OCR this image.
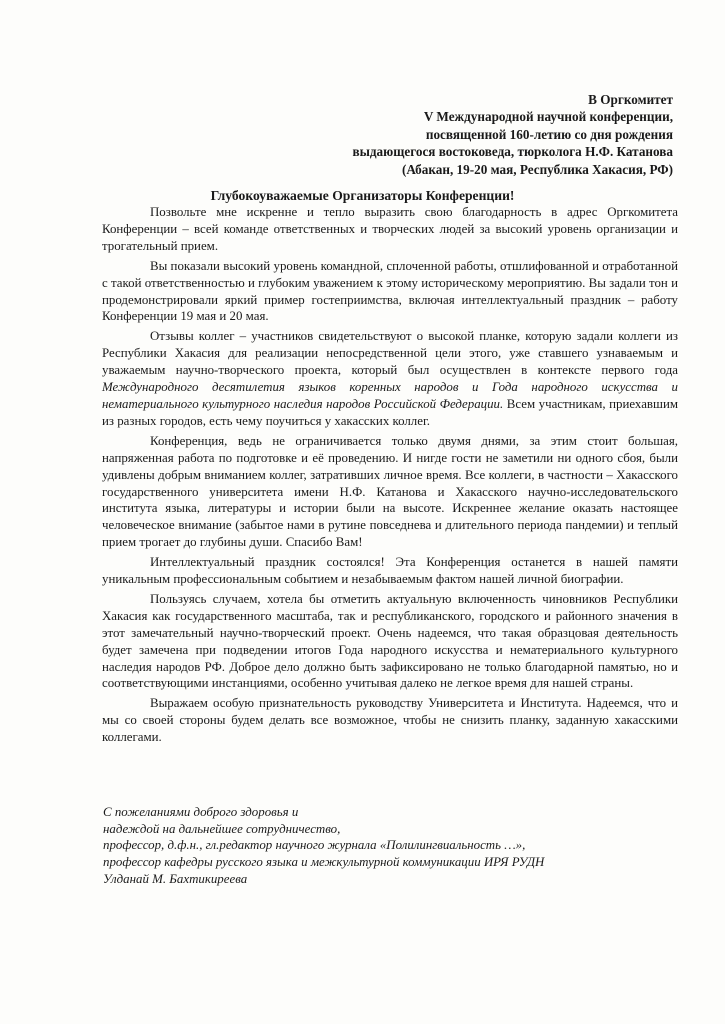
В Оргкомитет
V Международной научной конференции,
посвященной 160-летию со дня рождения
выдающегося востоковеда, тюрколога Н.Ф. Катанова
(Абакан, 19-20 мая, Республика Хакасия, РФ)
Глубокоуважаемые Организаторы Конференции!

Позвольте мне искренне и тепло выразить свою благодарность в адрес Оргкомитета Конференции – всей команде ответственных и творческих людей за высокий уровень организации и трогательный прием.

Вы показали высокий уровень командной, сплоченной работы, отшлифованной и отработанной с такой ответственностью и глубоким уважением к этому историческому мероприятию. Вы задали тон и продемонстрировали яркий пример гостеприимства, включая интеллектуальный праздник – работу Конференции 19 мая и 20 мая.

Отзывы коллег – участников свидетельствуют о высокой планке, которую задали коллеги из Республики Хакасия для реализации непосредственной цели этого, уже ставшего узнаваемым и уважаемым научно-творческого проекта, который был осуществлен в контексте первого года Международного десятилетия языков коренных народов и Года народного искусства и нематериального культурного наследия народов Российской Федерации. Всем участникам, приехавшим из разных городов, есть чему поучиться у хакасских коллег.

Конференция, ведь не ограничивается только двумя днями, за этим стоит большая, напряженная работа по подготовке и её проведению. И нигде гости не заметили ни одного сбоя, были удивлены добрым вниманием коллег, затративших личное время. Все коллеги, в частности – Хакасского государственного университета имени Н.Ф. Катанова и Хакасского научно-исследовательского института языка, литературы и истории были на высоте. Искреннее желание оказать настоящее человеческое внимание (забытое нами в рутине повседнева и длительного периода пандемии) и теплый прием трогает до глубины души. Спасибо Вам!

Интеллектуальный праздник состоялся! Эта Конференция останется в нашей памяти уникальным профессиональным событием и незабываемым фактом нашей личной биографии.

Пользуясь случаем, хотела бы отметить актуальную включенность чиновников Республики Хакасия как государственного масштаба, так и республиканского, городского и районного значения в этот замечательный научно-творческий проект. Очень надеемся, что такая образцовая деятельность будет замечена при подведении итогов Года народного искусства и нематериального культурного наследия народов РФ. Доброе дело должно быть зафиксировано не только благодарной памятью, но и соответствующими инстанциями, особенно учитывая далеко не легкое время для нашей страны.

Выражаем особую признательность руководству Университета и Института. Надеемся, что и мы со своей стороны будем делать все возможное, чтобы не снизить планку, заданную хакасскими коллегами.

С пожеланиями доброго здоровья и
надеждой на дальнейшее сотрудничество,
профессор, д.ф.н., гл.редактор научного журнала «Полилингвиальность …»,
профессор кафедры русского языка и межкультурной коммуникации ИРЯ РУДН
Улданай М. Бахтикиреева
